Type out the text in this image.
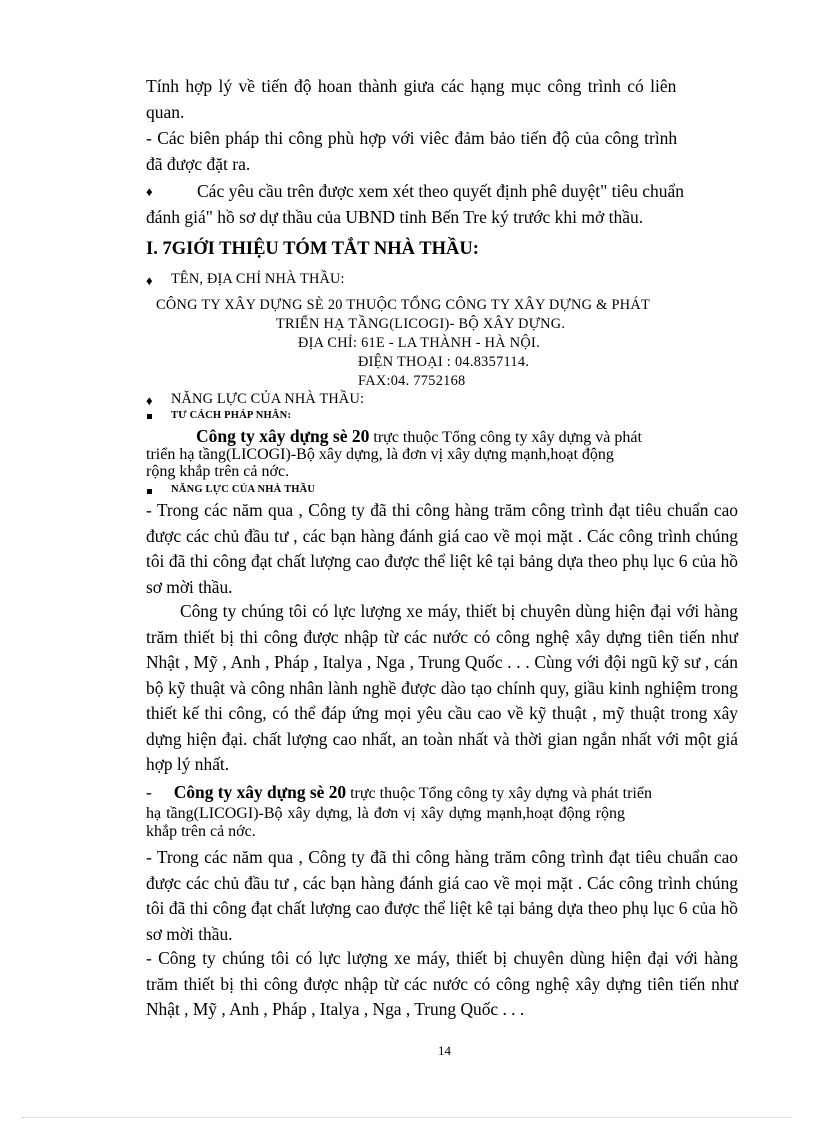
Tính hợp lý về tiến độ hoan thành giưa các hạng mục công trình có liên

quan.

- Các biên pháp thi công phù hợp với viêc đảm bảo tiến độ của công trình

đã được đặt ra.

♦	Các yêu cầu trên được xem xét theo quyết định phê duyệt" tiêu chuẩn

đánh giá" hồ sơ dự thầu của UBND tỉnh Bến Tre ký trước khi mở thầu.

I. 7GIỚI THIỆU TÓM TẮT NHÀ THẦU:

♦ TÊN, ĐỊA CHỈ NHÀ THẦU:

CÔNG TY XÂY DỰNG SÈ 20 THUỘC TỔNG CÔNG TY XÂY DỰNG & PHÁT

TRIỂN HẠ TẦNG(LICOGI)- BỘ XÂY DỰNG.

ĐỊA CHỈ: 61E - LA THÀNH - HÀ NỘI.

ĐIỆN THOẠI : 04.8357114.

FAX:04. 7752168

♦ NĂNG LỰC CỦA NHÀ THẦU:

TƯ CÁCH PHÁP NHÂN:

Công ty xây dựng sè 20 trực thuộc Tổng công ty xây dựng và phát
triển hạ tầng(LICOGI)-Bộ xây dựng, là đơn vị xây dựng mạnh,hoạt động
rộng khắp trên cả nớc.

NĂNG LỰC CỦA NHÀ THẦU

- Trong các năm qua , Công ty đã thi công hàng trăm công trình đạt tiêu chuẩn cao được các chủ đầu tư , các bạn hàng đánh giá cao về mọi mặt . Các công trình chúng tôi đã thi công đạt chất lượng cao được thể liệt kê tại bảng dựa theo phụ lục 6 của hồ sơ mời thầu.

Công ty chúng tôi có lực lượng xe máy, thiết bị chuyên dùng hiện đại với hàng trăm thiết bị thi công được nhập từ các nước có công nghệ xây dựng tiên tiến như Nhật , Mỹ , Anh , Pháp , Italya , Nga , Trung Quốc . . . Cùng với đội ngũ kỹ sư , cán bộ kỹ thuật và công nhân lành nghề được dào tạo chính quy, giầu kinh nghiệm trong thiết kế thi công, có thể đáp ứng mọi yêu cầu cao về kỹ thuật , mỹ thuật trong xây dựng hiện đại. chất lượng cao nhất, an toàn nhất và thời gian ngắn nhất với một giá hợp lý nhất.

- Công ty xây dựng sè 20 trực thuộc Tổng công ty xây dựng và phát triển
hạ tầng(LICOGI)-Bộ xây dựng, là đơn vị xây dựng mạnh,hoạt động rộng
khắp trên cả nớc.

- Trong các năm qua , Công ty đã thi công hàng trăm công trình đạt tiêu chuẩn cao được các chủ đầu tư , các bạn hàng đánh giá cao về mọi mặt . Các công trình chúng tôi đã thi công đạt chất lượng cao được thể liệt kê tại bảng dựa theo phụ lục 6 của hồ sơ mời thầu.

- Công ty chúng tôi có lực lượng xe máy, thiết bị chuyên dùng hiện đại với hàng trăm thiết bị thi công được nhập từ các nước có công nghệ xây dựng tiên tiến như Nhật , Mỹ , Anh , Pháp , Italya , Nga , Trung Quốc . . .

14
